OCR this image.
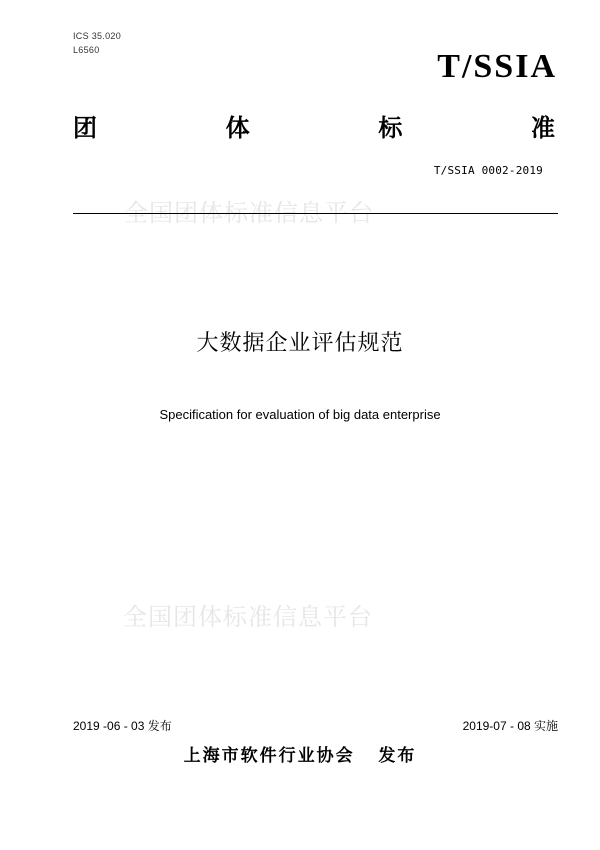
ICS 35.020
L6560	T/SSIA
团	体	标	准
T/SSIA 0002-2019
全国团体标准信息平台
大数据企业评估规范
Specification for evaluation of big data enterprise
全国团体标准信息平台
2019 -06 - 03 发布	2019-07 - 08 实施
上海市软件行业协会 发布
